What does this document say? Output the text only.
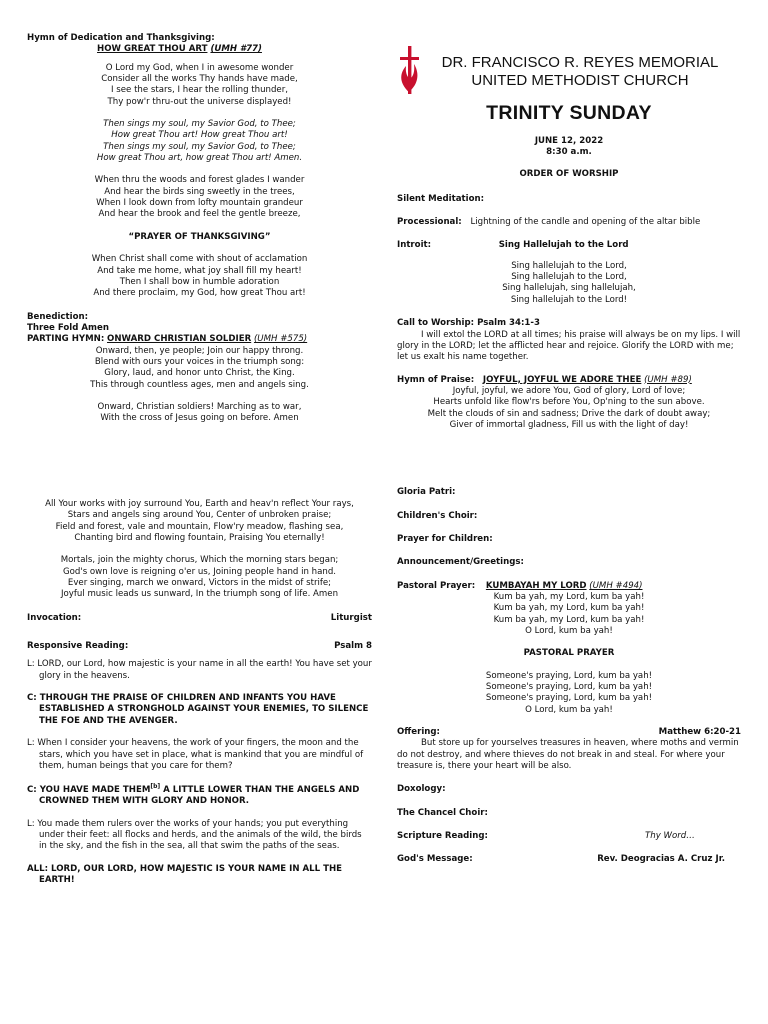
Hymn of Dedication and Thanksgiving:
HOW GREAT THOU ART (UMH #77)
O Lord my God, when I in awesome wonder
Consider all the works Thy hands have made,
I see the stars, I hear the rolling thunder,
Thy pow'r thru-out the universe displayed!
Then sings my soul, my Savior God, to Thee;
How great Thou art! How great Thou art!
Then sings my soul, my Savior God, to Thee;
How great Thou art, how great Thou art! Amen.
When thru the woods and forest glades I wander
And hear the birds sing sweetly in the trees,
When I look down from lofty mountain grandeur
And hear the brook and feel the gentle breeze,
“PRAYER OF THANKSGIVING”
When Christ shall come with shout of acclamation
And take me home, what joy shall fill my heart!
Then I shall bow in humble adoration
And there proclaim, my God, how great Thou art!
Benediction:
Three Fold Amen
PARTING HYMN: ONWARD CHRISTIAN SOLDIER (UMH #575)
Onward, then, ye people; Join our happy throng.
Blend with ours your voices in the triumph song:
Glory, laud, and honor unto Christ, the King.
This through countless ages, men and angels sing.
Onward, Christian soldiers! Marching as to war,
With the cross of Jesus going on before. Amen
All Your works with joy surround You, Earth and heav'n reflect Your rays,
Stars and angels sing around You, Center of unbroken praise;
Field and forest, vale and mountain, Flow'ry meadow, flashing sea,
Chanting bird and flowing fountain, Praising You eternally!
Mortals, join the mighty chorus, Which the morning stars began;
God's own love is reigning o'er us, Joining people hand in hand.
Ever singing, march we onward, Victors in the midst of strife;
Joyful music leads us sunward, In the triumph song of life. Amen
Invocation:	Liturgist
Responsive Reading:	Psalm 8
L: LORD, our Lord, how majestic is your name in all the earth! You have set your glory in the heavens.
C: THROUGH THE PRAISE OF CHILDREN AND INFANTS YOU HAVE ESTABLISHED A STRONGHOLD AGAINST YOUR ENEMIES, TO SILENCE THE FOE AND THE AVENGER.
L: When I consider your heavens, the work of your fingers, the moon and the stars, which you have set in place, what is mankind that you are mindful of them, human beings that you care for them?
C: YOU HAVE MADE THEM[b] A LITTLE LOWER THAN THE ANGELS AND CROWNED THEM WITH GLORY AND HONOR.
L: You made them rulers over the works of your hands; you put everything under their feet: all flocks and herds, and the animals of the wild, the birds in the sky, and the fish in the sea, all that swim the paths of the seas.
ALL: LORD, OUR LORD, HOW MAJESTIC IS YOUR NAME IN ALL THE EARTH!
DR. FRANCISCO R. REYES MEMORIAL
UNITED METHODIST CHURCH
TRINITY SUNDAY
JUNE 12, 2022
8:30 a.m.
ORDER OF WORSHIP
Silent Meditation:
Processional: Lightning of the candle and opening of the altar bible
Introit:	Sing Hallelujah to the Lord
Sing hallelujah to the Lord,
Sing hallelujah to the Lord,
Sing hallelujah, sing hallelujah,
Sing hallelujah to the Lord!
Call to Worship: Psalm 34:1-3
I will extol the LORD at all times; his praise will always be on my lips. I will glory in the LORD; let the afflicted hear and rejoice. Glorify the LORD with me; let us exalt his name together.
Hymn of Praise: JOYFUL, JOYFUL WE ADORE THEE (UMH #89)
Joyful, joyful, we adore You, God of glory, Lord of love;
Hearts unfold like flow'rs before You, Op'ning to the sun above.
Melt the clouds of sin and sadness; Drive the dark of doubt away;
Giver of immortal gladness, Fill us with the light of day!
Gloria Patri:
Children's Choir:
Prayer for Children:
Announcement/Greetings:
Pastoral Prayer: KUMBAYAH MY LORD (UMH #494)
Kum ba yah, my Lord, kum ba yah!
Kum ba yah, my Lord, kum ba yah!
Kum ba yah, my Lord, kum ba yah!
O Lord, kum ba yah!
PASTORAL PRAYER
Someone's praying, Lord, kum ba yah!
Someone's praying, Lord, kum ba yah!
Someone's praying, Lord, kum ba yah!
O Lord, kum ba yah!
Offering:	Matthew 6:20-21
But store up for yourselves treasures in heaven, where moths and vermin do not destroy, and where thieves do not break in and steal. For where your treasure is, there your heart will be also.
Doxology:
The Chancel Choir:
Scripture Reading:	Thy Word…
God's Message:	Rev. Deogracias A. Cruz Jr.
